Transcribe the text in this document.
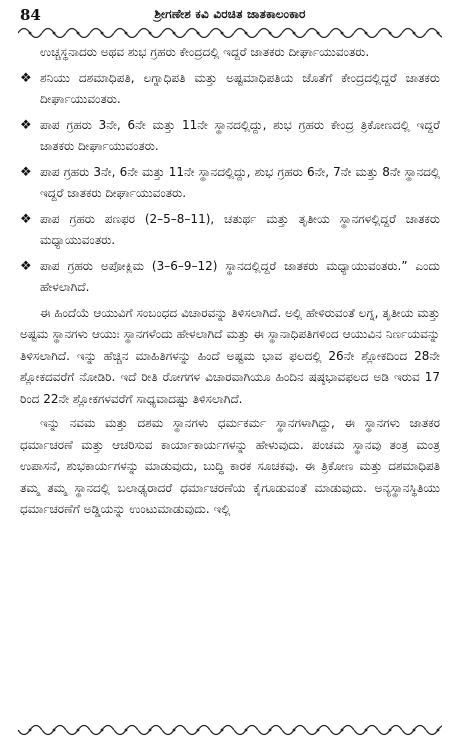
84	ಶ್ರೀಗಣೇಶ ಕವಿ ವಿರಚಿತ ಜಾತಕಾಲಂಕಾರ
ಉಚ್ಚಸ್ಥನಾದರು ಅಥವ ಶುಭ ಗ್ರಹರು ಕೇಂದ್ರದಲ್ಲಿ ಇದ್ದರೆ ಜಾತಕರು ದೀರ್ಘಾಯುವಂತರು.
❖ ಶನಿಯು ದಶಮಾಧಿಪತಿ, ಲಗ್ನಾಧಿಪತಿ ಮತ್ತು ಅಷ್ಟಮಾಧಿಪತಿಯ ಜೊತೆಗೆ ಕೇಂದ್ರದಲ್ಲಿದ್ದರೆ ಜಾತಕರು ದೀರ್ಘಾಯುವಂತರು.
❖ ಪಾಪ ಗ್ರಹರು 3ನೇ, 6ನೇ ಮತ್ತು 11ನೇ ಸ್ಥಾನದಲ್ಲಿದ್ದು, ಶುಭ ಗ್ರಹರು ಕೇಂದ್ರ ತ್ರಿಕೋಣದಲ್ಲಿ ಇದ್ದರೆ ಜಾತಕರು ದೀರ್ಘಾಯುವಂತರು.
❖ ಪಾಪ ಗ್ರಹರು 3ನೇ, 6ನೇ ಮತ್ತು 11ನೇ ಸ್ಥಾನದಲ್ಲಿದ್ದು, ಶುಭ ಗ್ರಹರು 6ನೇ, 7ನೇ ಮತ್ತು 8ನೇ ಸ್ಥಾನದಲ್ಲಿ ಇದ್ದರೆ ಜಾತಕರು ದೀರ್ಘಾಯುವಂತರು.
❖ ಪಾಪ ಗ್ರಹರು ಪಣಫರ (2–5–8–11), ಚತುರ್ಥ ಮತ್ತು ತೃತೀಯ ಸ್ಥಾನಗಳಲ್ಲಿದ್ದರೆ ಜಾತಕರು ಮಧ್ಯಾಯುವಂತರು.
❖ ಪಾಪ ಗ್ರಹರು ಅಪೋಕ್ಲಿಮ (3–6–9–12) ಸ್ಥಾನದಲ್ಲಿದ್ದರೆ ಜಾತಕರು ಮಧ್ಯಾಯುವಂತರು.” ಎಂದು ಹೇಳಲಾಗಿದೆ.

ಈ ಹಿಂದೆಯೆ ಆಯುವಿಗೆ ಸಂಬಂಧದ ವಿಚಾರವನ್ನು ತಿಳಿಸಲಾಗಿದೆ. ಅಲ್ಲಿ ಹೇಳಿರುವಂತೆ ಲಗ್ನ, ತೃತೀಯ ಮತ್ತು ಅಷ್ಟಮ ಸ್ಥಾನಗಳು ಆಯುಃ ಸ್ಥಾನಗಳೆಂದು ಹೇಳಲಾಗಿದೆ ಮತ್ತು ಈ ಸ್ಥಾನಾಧಿಪತಿಗಳಿಂದ ಆಯುವಿನ ನಿರ್ಣಯವನ್ನು ತಿಳಿಸಲಾಗಿದೆ. ಇನ್ನು ಹೆಚ್ಚಿನ ಮಾಹಿತಿಗಳನ್ನು ಹಿಂದೆ ಅಷ್ಟಮ ಭಾವ ಫಲದಲ್ಲಿ 26ನೇ ಶ್ಲೋಕದಿಂದ 28ನೇ ಶ್ಲೋಕದವರೆಗೆ ನೋಡಿರಿ. ಇದೆ ರೀತಿ ರೋಗಗಳ ವಿಚಾರವಾಗಿಯೂ ಹಿಂದಿನ ಷಷ್ಠಭಾವಫಲದ ಅಡಿ ಇರುವ 17 ರಿಂದ 22ನೇ ಶ್ಲೋಕಗಳವರೆಗೆ ಸಾಧ್ಯವಾದಷ್ಟು ತಿಳಿಸಲಾಗಿದೆ.

ಇನ್ನು ನವಮ ಮತ್ತು ದಶಮ ಸ್ಥಾನಗಳು ಧರ್ಮಕರ್ಮ ಸ್ಥಾನಗಳಾಗಿದ್ದು, ಈ ಸ್ಥಾನಗಳು ಜಾತಕರ ಧರ್ಮಾಚರಣೆ ಮತ್ತು ಆಚರಿಸುವ ಕಾರ್ಯಾಕಾರ್ಯಗಳನ್ನು ಹೇಳುವುದು. ಪಂಚಮ ಸ್ಥಾನವು ತಂತ್ರ ಮಂತ್ರ ಉಪಾಸನೆ, ಶುಭಕಾರ್ಯಗಳನ್ನು ಮಾಡುವುದು, ಬುದ್ಧಿ ಕಾರಕ ಸೂಚಕವು. ಈ ತ್ರಿಕೋಣ ಮತ್ತು ದಶಮಾಧಿಪತಿ ತಮ್ಮ ತಮ್ಮ ಸ್ಥಾನದಲ್ಲಿ ಬಲಾಢ್ಯರಾದರೆ ಧರ್ಮಾಚರಣೆಯ ಕೈಗೂಡುವಂತೆ ಮಾಡುವುದು. ಅನ್ಯಸ್ಥಾನಸ್ಥಿತಿಯು ಧರ್ಮಾಚರಣೆಗೆ ಅಡ್ಡಿಯನ್ನು ಉಂಟುಮಾಡುವುದು. ಇಲ್ಲಿ
